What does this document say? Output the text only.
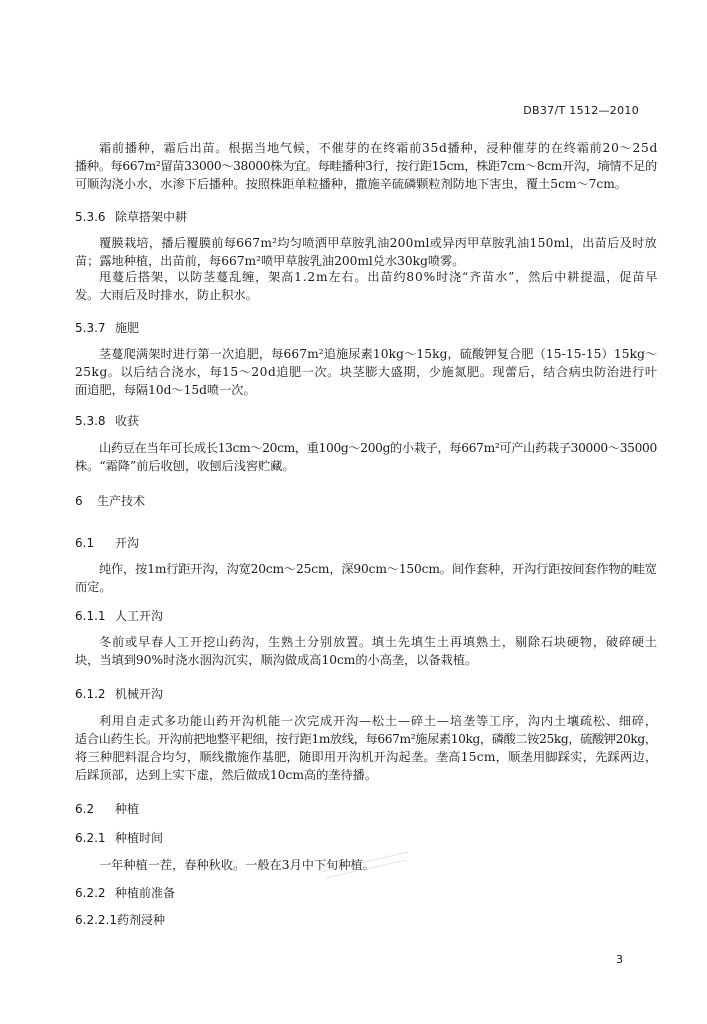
DB37/T 1512—2010
霜前播种，霜后出苗。根据当地气候，不催芽的在终霜前35d播种，浸种催芽的在终霜前20～25d
播种。每667m²留苗33000～38000株为宜。每畦播种3行，按行距15cm，株距7cm～8cm开沟，墒情不足的
可顺沟浇小水，水渗下后播种。按照株距单粒播种，撒施辛硫磷颗粒剂防地下害虫，覆土5cm～7cm。
5.3.6 除草搭架中耕
覆膜栽培，播后覆膜前每667m²均匀喷洒甲草胺乳油200ml或异丙甲草胺乳油150ml，出苗后及时放
苗；露地种植，出苗前，每667m²喷甲草胺乳油200ml兑水30kg喷雾。
甩蔓后搭架，以防茎蔓乱缠，架高1.2m左右。出苗约80%时浇“齐苗水”，然后中耕提温，促苗早
发。大雨后及时排水，防止积水。
5.3.7 施肥
茎蔓爬满架时进行第一次追肥，每667m²追施尿素10kg～15kg，硫酸钾复合肥（15-15-15）15kg～
25kg。以后结合浇水，每15～20d追肥一次。块茎膨大盛期，少施氮肥。现蕾后，结合病虫防治进行叶
面追肥，每隔10d～15d喷一次。
5.3.8 收获
山药豆在当年可长成长13cm～20cm，重100g～200g的小栽子，每667m²可产山药栽子30000～35000
株。“霜降”前后收刨，收刨后浅窖贮藏。
6 生产技术
6.1 开沟
纯作，按1m行距开沟，沟宽20cm～25cm，深90cm～150cm。间作套种，开沟行距按间套作物的畦宽
而定。
6.1.1 人工开沟
冬前或早春人工开挖山药沟，生熟土分别放置。填土先填生土再填熟土，剔除石块硬物，破碎硬土
块，当填到90%时浇水洇沟沉实，顺沟做成高10cm的小高垄，以备栽植。
6.1.2 机械开沟
利用自走式多功能山药开沟机能一次完成开沟—松土—碎土—培垄等工序，沟内土壤疏松、细碎，
适合山药生长。开沟前把地整平耙细，按行距1m放线，每667m²施尿素10kg，磷酸二铵25kg，硫酸钾20kg，
将三种肥料混合均匀，顺线撒施作基肥，随即用开沟机开沟起垄。垄高15cm，顺垄用脚踩实，先踩两边，
后踩顶部，达到上实下虚，然后做成10cm高的垄待播。
6.2 种植
6.2.1 种植时间
一年种植一茬，春种秋收。一般在3月中下旬种植。
6.2.2 种植前准备
6.2.2.1药剂浸种
3
